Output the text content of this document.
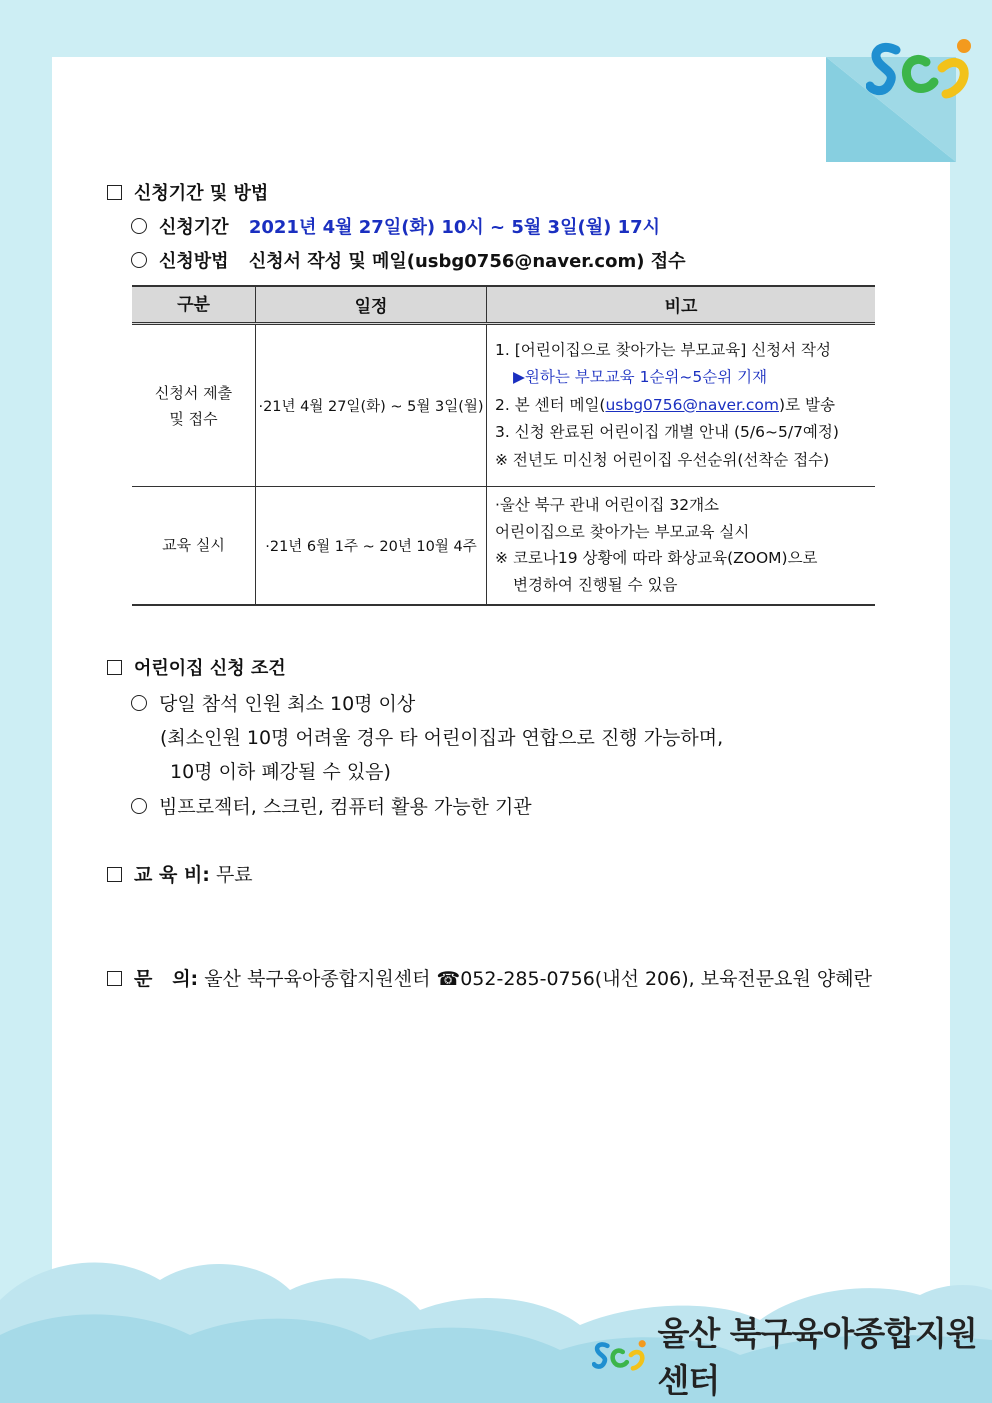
신청기간 및 방법
신청기간 2021년 4월 27일(화) 10시 ~ 5월 3일(월) 17시
신청방법 신청서 작성 및 메일(usbg0756@naver.com) 접수
구분	일정	비고

신청서 제출 및 접수	·21년 4월 27일(화) ~ 5월 3일(월)	1. [어린이집으로 찾아가는 부모교육] 신청서 작성
▶원하는 부모교육 1순위~5순위 기재
2. 본 센터 메일(usbg0756@naver.com)로 발송
3. 신청 완료된 어린이집 개별 안내 (5/6~5/7예정)
※ 전년도 미신청 어린이집 우선순위(선착순 접수)

교육 실시	·21년 6월 1주 ~ 20년 10월 4주	·울산 북구 관내 어린이집 32개소
어린이집으로 찾아가는 부모교육 실시
※ 코로나19 상황에 따라 화상교육(ZOOM)으로
변경하여 진행될 수 있음
어린이집 신청 조건
당일 참석 인원 최소 10명 이상
(최소인원 10명 어려울 경우 타 어린이집과 연합으로 진행 가능하며,
10명 이하 폐강될 수 있음)
빔프로젝터, 스크린, 컴퓨터 활용 가능한 기관
교 육 비: 무료
문   의: 울산 북구육아종합지원센터 ☎052-285-0756(내선 206), 보육전문요원 양혜란
울산 북구육아종합지원센터
